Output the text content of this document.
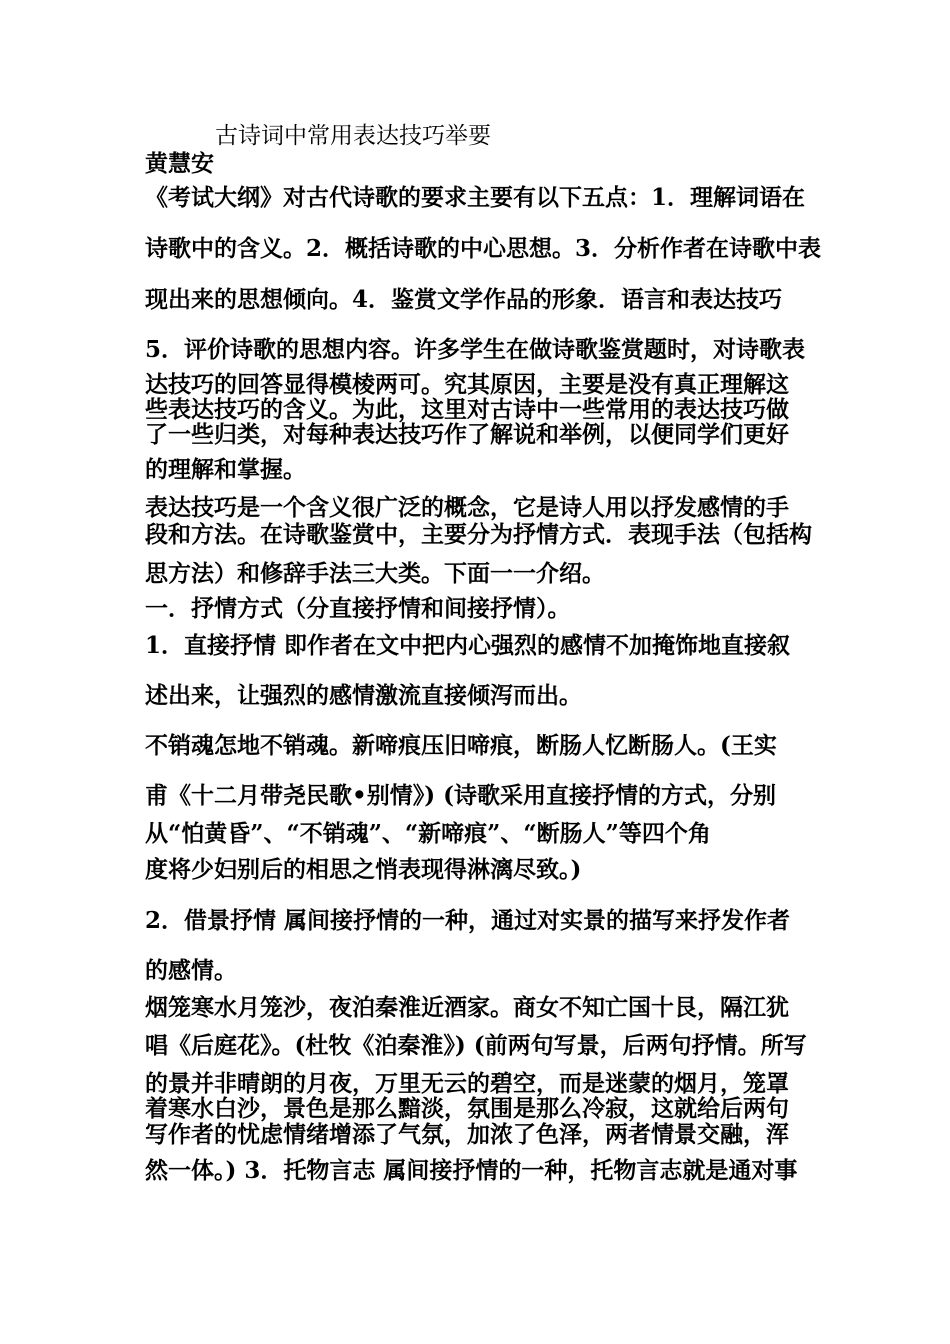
古诗词中常用表达技巧举要
黄慧安
《考试大纲》对古代诗歌的要求主要有以下五点：1．理解词语在
诗歌中的含义。2．概括诗歌的中心思想。3．分析作者在诗歌中表
现出来的思想倾向。4．鉴赏文学作品的形象．语言和表达技巧
5．评价诗歌的思想内容。许多学生在做诗歌鉴赏题时，对诗歌表
达技巧的回答显得模棱两可。究其原因，主要是没有真正理解这
些表达技巧的含义。为此，这里对古诗中一些常用的表达技巧做
了一些归类，对每种表达技巧作了解说和举例，以便同学们更好
的理解和掌握。
表达技巧是一个含义很广泛的概念，它是诗人用以抒发感情的手
段和方法。在诗歌鉴赏中，主要分为抒情方式．表现手法（包括构
思方法）和修辞手法三大类。下面一一介绍。
一．抒情方式（分直接抒情和间接抒情）。
1．直接抒情 即作者在文中把内心强烈的感情不加掩饰地直接叙
述出来，让强烈的感情激流直接倾泻而出。
不销魂怎地不销魂。新啼痕压旧啼痕，断肠人忆断肠人。(王实
甫《十二月带尧民歌•别情》) (诗歌采用直接抒情的方式，分别
从“怕黄昏”、“不销魂”、“新啼痕”、“断肠人”等四个角
度将少妇别后的相思之悄表现得淋漓尽致。)
2．借景抒情 属间接抒情的一种，通过对实景的描写来抒发作者
的感情。
烟笼寒水月笼沙，夜泊秦淮近酒家。商女不知亡国十艮，隔江犹
唱《后庭花》。(杜牧《泊秦淮》) (前两句写景，后两句抒情。所写
的景并非晴朗的月夜，万里无云的碧空，而是迷蒙的烟月，笼罩
着寒水白沙，景色是那么黯淡，氛围是那么冷寂，这就给后两句
写作者的忧虑情绪增添了气氛，加浓了色泽，两者情景交融，浑
然一体。) 3．托物言志 属间接抒情的一种，托物言志就是通对事
